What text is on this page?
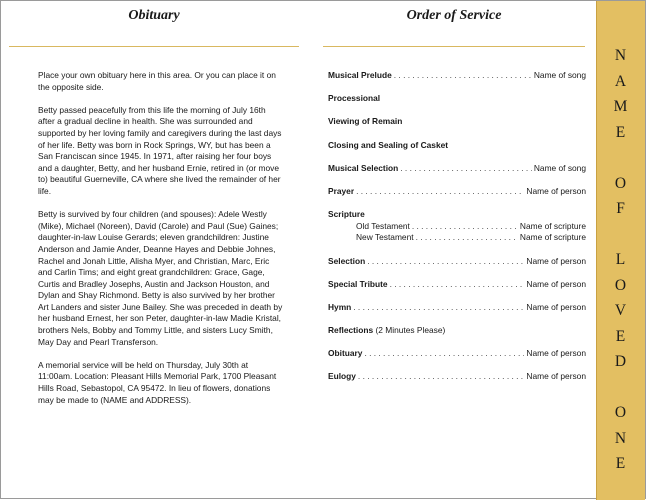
Obituary

Place your own obituary here in this area. Or you can place it on the opposite side.

Betty passed peacefully from this life the morning of July 16th after a gradual decline in health. She was surrounded and supported by her loving family and caregivers during the last days of her life. Betty was born in Rock Springs, WY, but has been a San Franciscan since 1945. In 1971, after raising her four boys and a daughter, Betty, and her husband Ernie, retired in (or move to) beautiful Guerneville, CA where she lived the remainder of her life.

Betty is survived by four children (and spouses): Adele Westly (Mike), Michael (Noreen), David (Carole) and Paul (Sue) Gaines; daughter-in-law Louise Gerards; eleven grandchildren: Justine Anderson and Jamie Ander, Deanne Hayes and Debbie Johnes, Rachel and Jonah Little, Alisha Myer, and Christian, Marc, Eric and Carlin Tims; and eight great grandchildren: Grace, Gage, Curtis and Bradley Josephs, Austin and Jackson Houston, and Dylan and Shay Richmond. Betty is also survived by her brother Art Landers and sister June Bailey. She was preceded in death by her husband Ernest, her son Peter, daughter-in-law Madie Kristal, brothers Nels, Bobby and Tommy Little, and sisters Lucy Smith, May Day and Pearl Transferson.

A memorial service will be held on Thursday, July 30th at 11:00am. Location: Pleasant Hills Memorial Park, 1700 Pleasant Hills Road, Sebastopol, CA 95472. In lieu of flowers, donations may be made to (NAME and ADDRESS).

Order of Service
Musical Prelude . . .	Name of song
Processional
Viewing of Remain
Closing and Sealing of Casket
Musical Selection . . .	Name of song
Prayer . . .	Name of person
Scripture
Old Testament . . .	Name of scripture
New Testament . . .	Name of scripture
Selection . . .	Name of person
Special Tribute . . .	Name of person
Hymn . . .	Name of person
Reflections (2 Minutes Please)
Obituary . . .	Name of person
Eulogy . . .	Name of person
N
A
M
E
O
F
L
O
V
E
D
O
N
E
